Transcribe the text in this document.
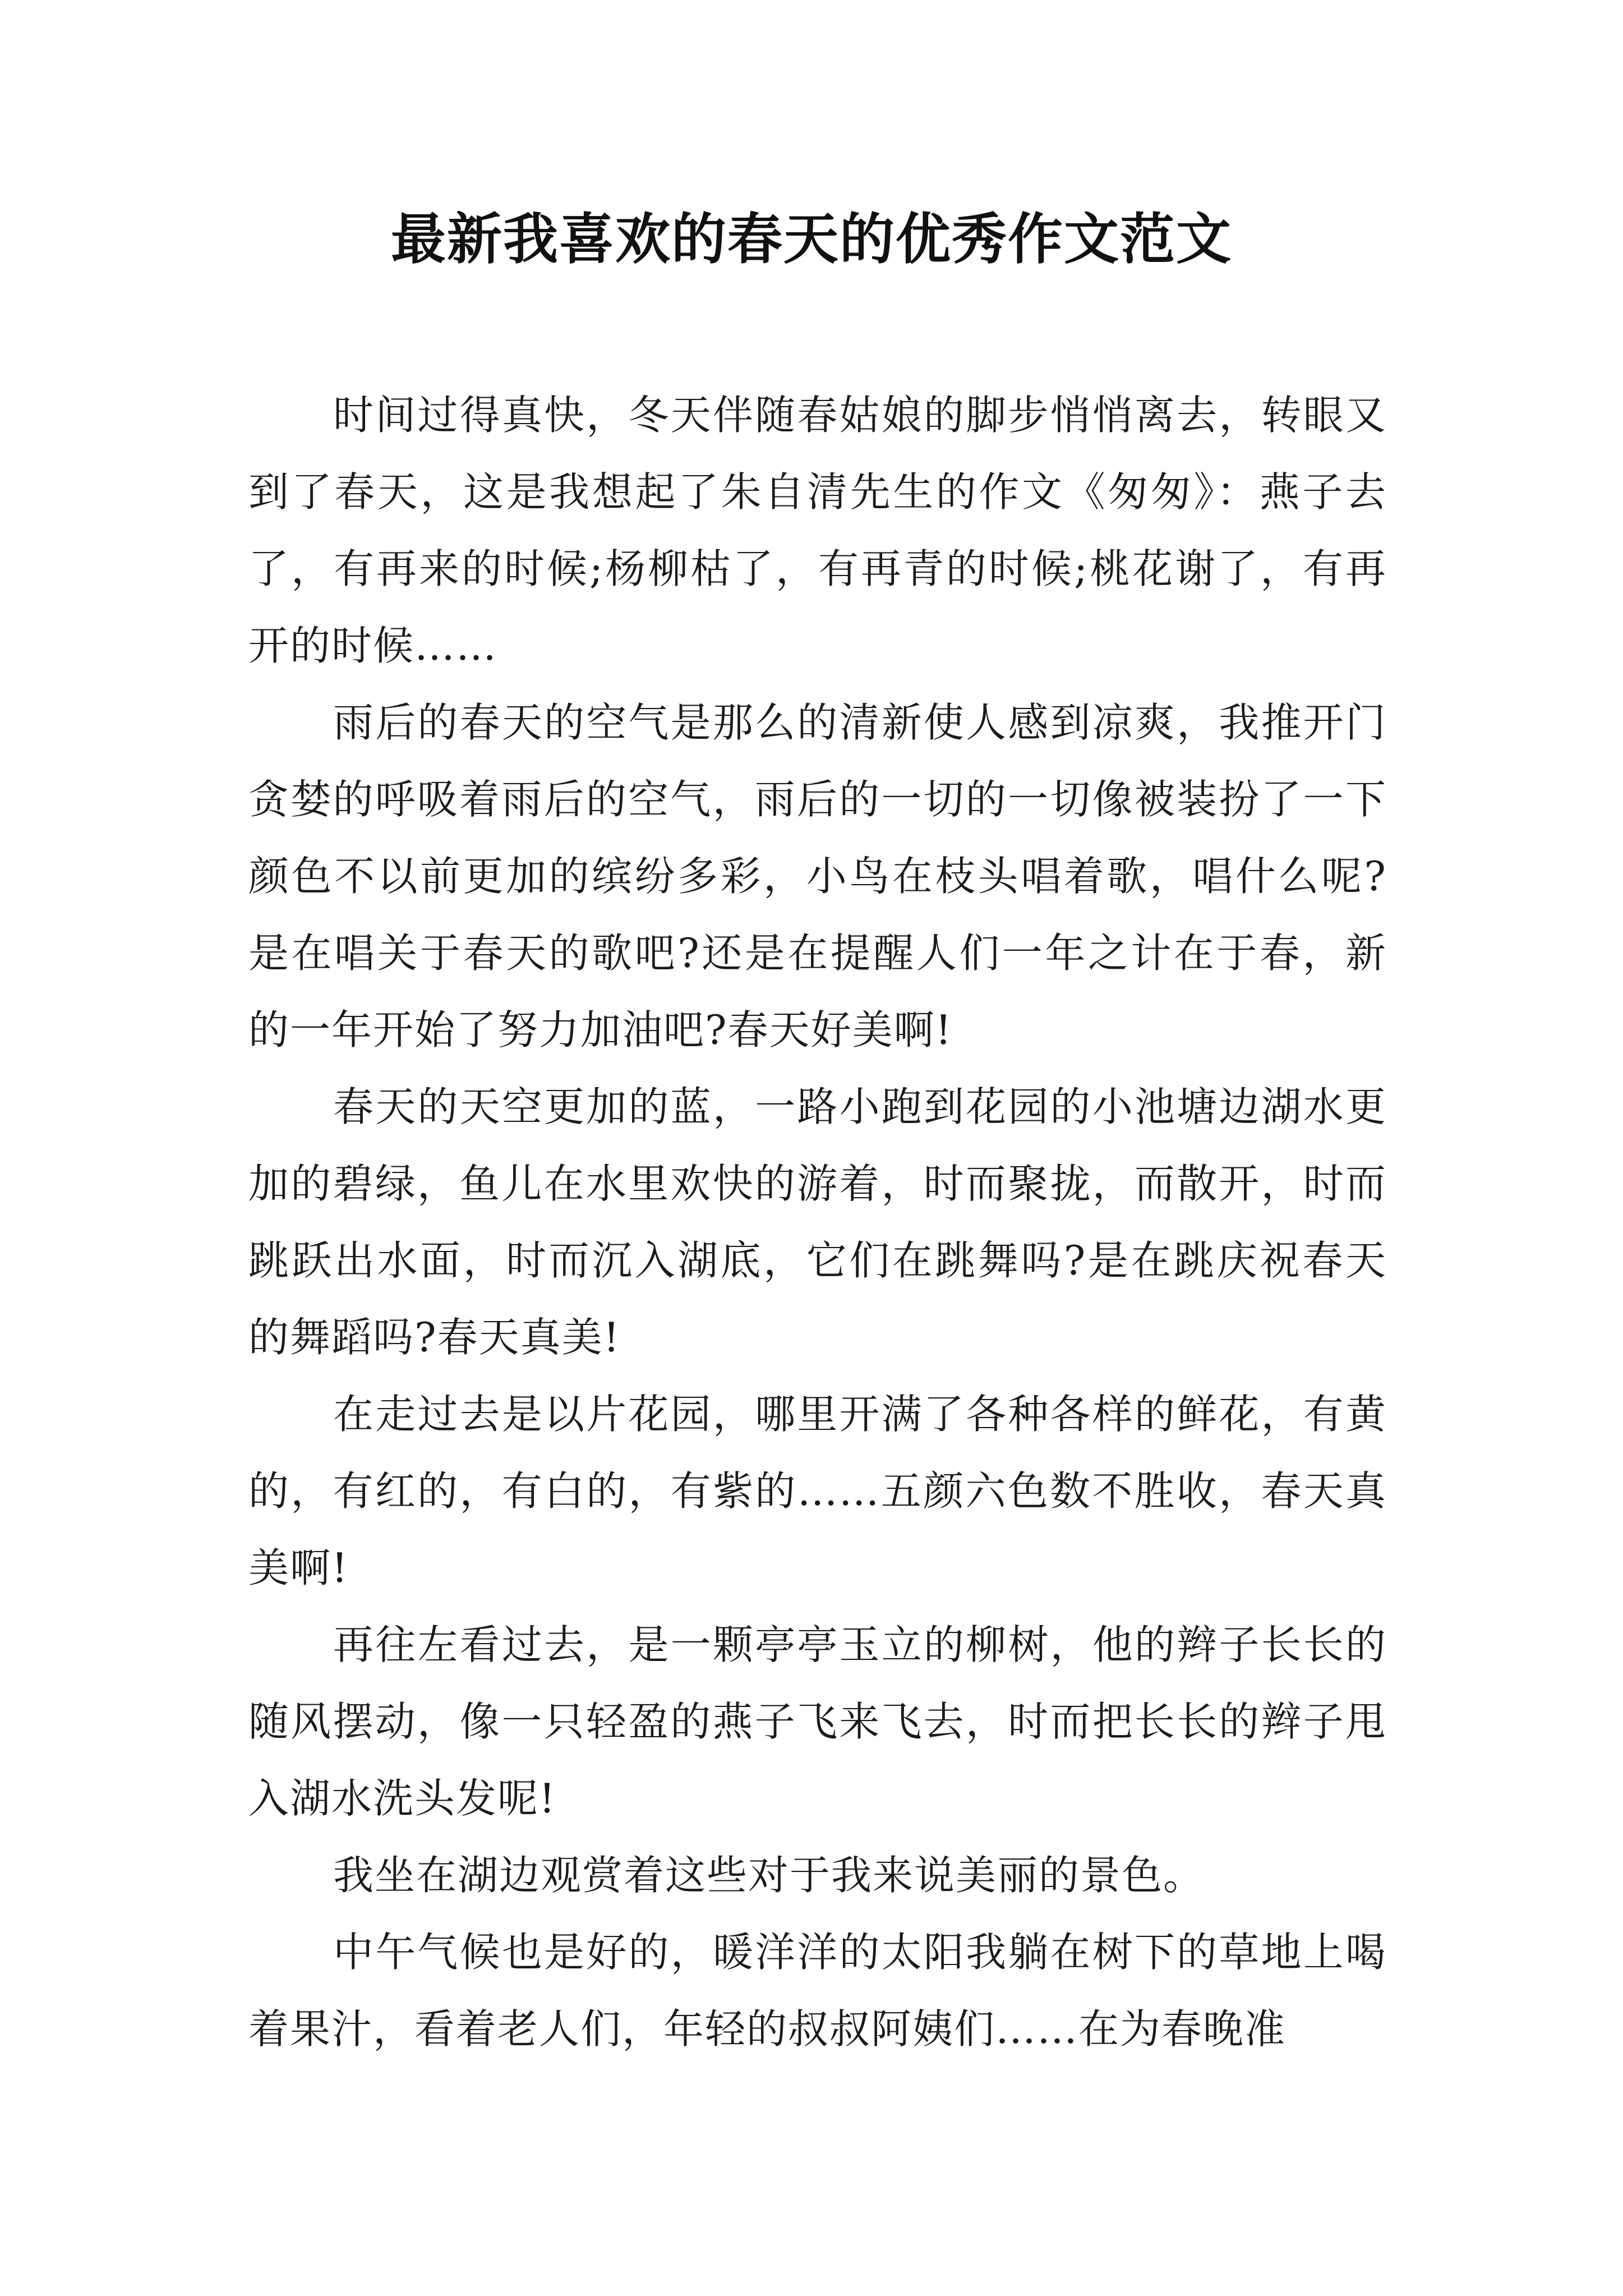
最新我喜欢的春天的优秀作文范文

时间过得真快，冬天伴随春姑娘的脚步悄悄离去，转眼又到了春天，这是我想起了朱自清先生的作文《匆匆》：燕子去了，有再来的时候;杨柳枯了，有再青的时候;桃花谢了，有再开的时候……

雨后的春天的空气是那么的清新使人感到凉爽，我推开门贪婪的呼吸着雨后的空气，雨后的一切的一切像被装扮了一下颜色不以前更加的缤纷多彩，小鸟在枝头唱着歌，唱什么呢?是在唱关于春天的歌吧?还是在提醒人们一年之计在于春，新的一年开始了努力加油吧?春天好美啊!

春天的天空更加的蓝，一路小跑到花园的小池塘边湖水更加的碧绿，鱼儿在水里欢快的游着，时而聚拢，而散开，时而跳跃出水面，时而沉入湖底，它们在跳舞吗?是在跳庆祝春天的舞蹈吗?春天真美!

在走过去是以片花园，哪里开满了各种各样的鲜花，有黄的，有红的，有白的，有紫的……五颜六色数不胜收，春天真美啊!

再往左看过去，是一颗亭亭玉立的柳树，他的辫子长长的随风摆动，像一只轻盈的燕子飞来飞去，时而把长长的辫子甩入湖水洗头发呢!

我坐在湖边观赏着这些对于我来说美丽的景色。

中午气候也是好的，暖洋洋的太阳我躺在树下的草地上喝着果汁，看着老人们，年轻的叔叔阿姨们……在为春晚准
